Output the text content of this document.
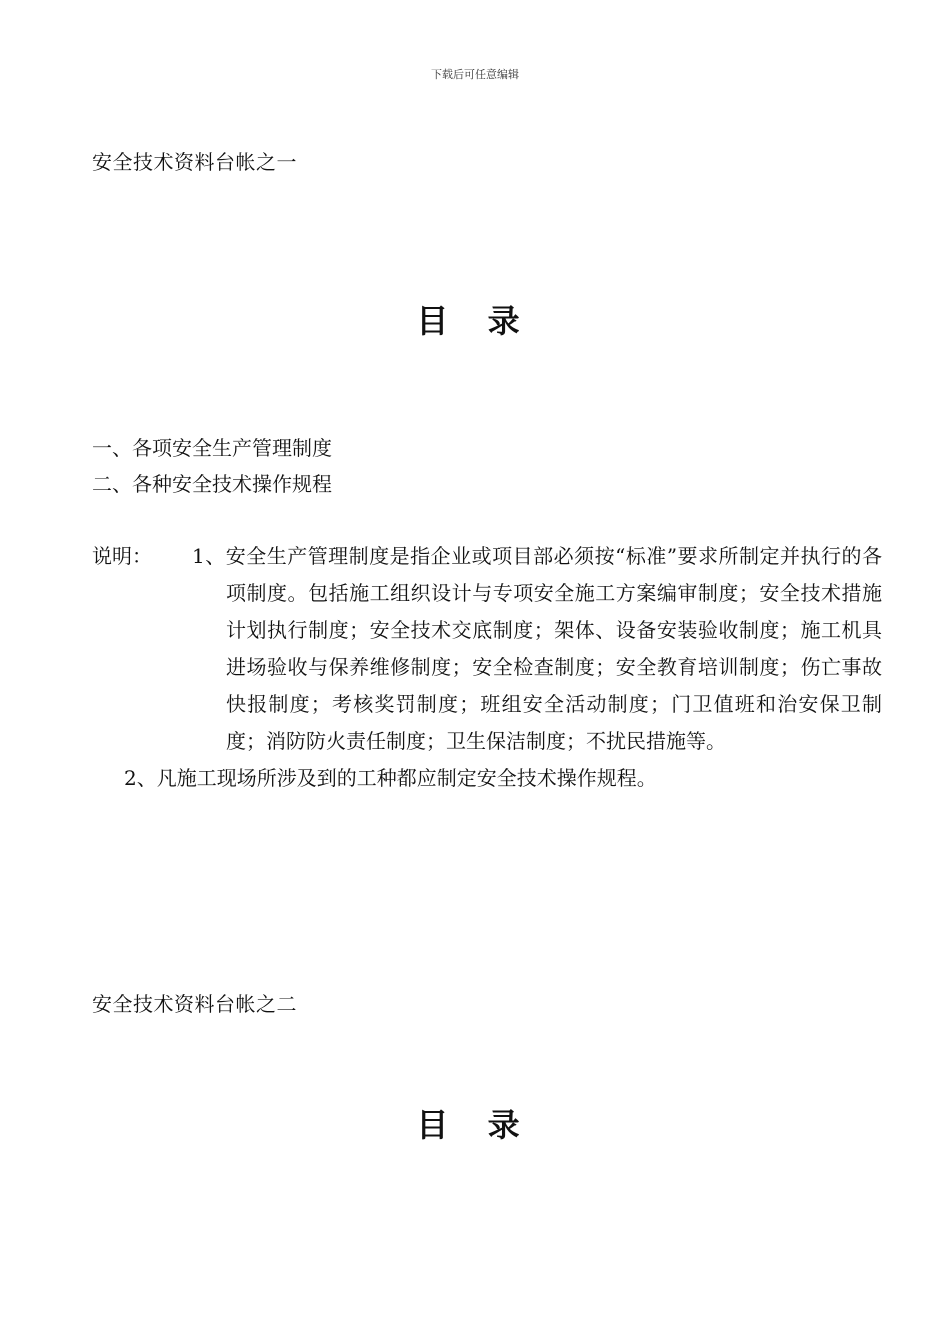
下载后可任意编辑
安全技术资料台帐之一
目 录
一、各项安全生产管理制度
二、各种安全技术操作规程
说明：	1、安全生产管理制度是指企业或项目部必须按“标准”要求所制定并执行的各项制度。包括施工组织设计与专项安全施工方案编审制度；安全技术措施计划执行制度；安全技术交底制度；架体、设备安装验收制度；施工机具进场验收与保养维修制度；安全检查制度；安全教育培训制度；伤亡事故快报制度；考核奖罚制度；班组安全活动制度；门卫值班和治安保卫制度；消防防火责任制度；卫生保洁制度；不扰民措施等。
2、凡施工现场所涉及到的工种都应制定安全技术操作规程。
安全技术资料台帐之二
目 录
